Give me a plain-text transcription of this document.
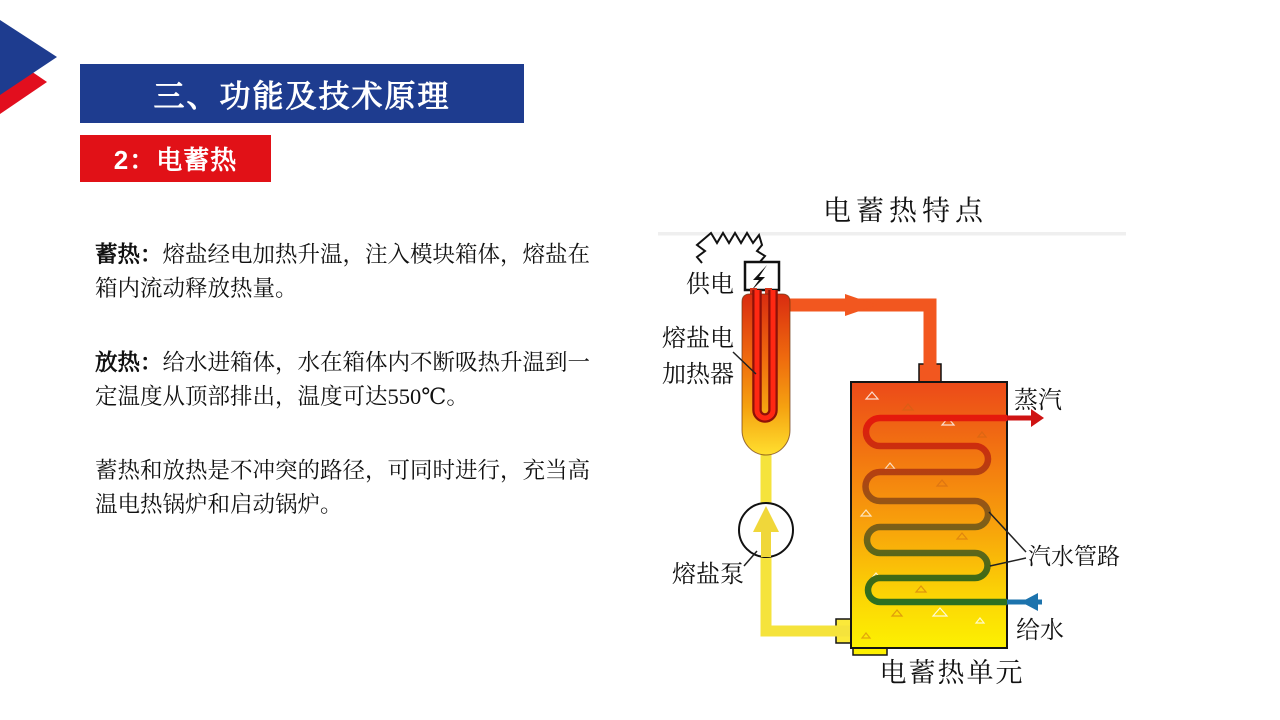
三、功能及技术原理
2：电蓄热

蓄热：熔盐经电加热升温，注入模块箱体，熔盐在箱内流动释放热量。

放热：给水进箱体，水在箱体内不断吸热升温到一定温度从顶部排出，温度可达550℃。

蓄热和放热是不冲突的路径，可同时进行，充当高温电热锅炉和启动锅炉。

电蓄热特点
供电
熔盐电
加热器
熔盐泵
蒸汽
汽水管路
给水
电蓄热单元
